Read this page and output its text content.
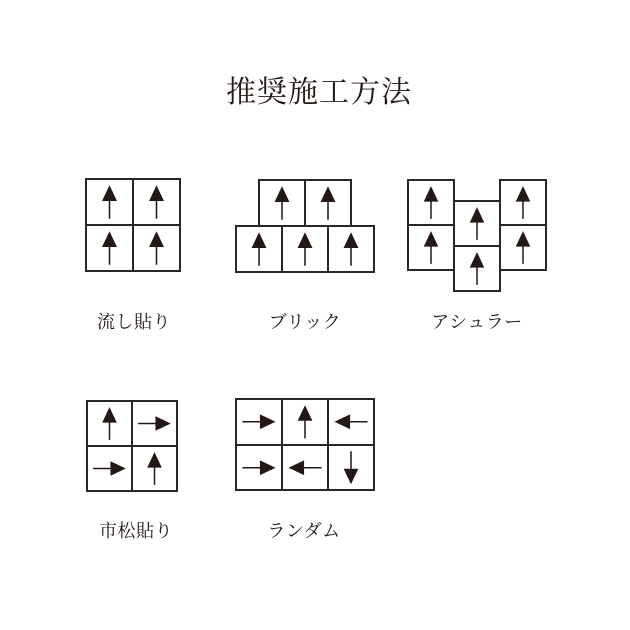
推奨施工方法
流し貼り	ブリック	アシュラー
市松貼り	ランダム
